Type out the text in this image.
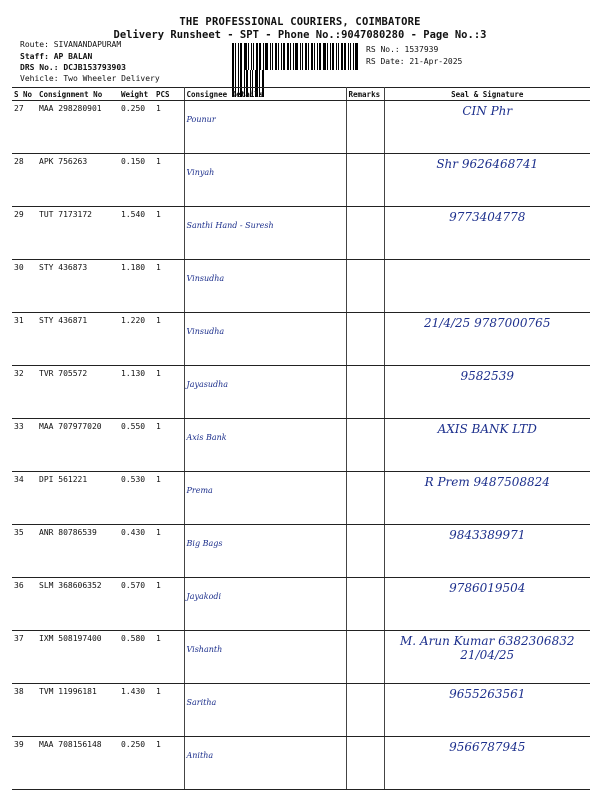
THE PROFESSIONAL COURIERS, COIMBATORE
Delivery Runsheet - SPT - Phone No.:9047080280 - Page No.:3
Route: SIVANANDAPURAM
Staff: AP BALAN
DRS No.: DCJB153793903
Vehicle: Two Wheeler Delivery
RS No.: 1537939
RS Date: 21-Apr-2025
S No	Consignment No	Weight	PCS	Consignee Details	Remarks	Seal & Signature
27	MAA 298280901	0.250	1	Pounur		CIN Phr
28	APK 756263	0.150	1	Vinyah		Shr 9626468741
29	TUT 7173172	1.540	1	Santhi Hand - Suresh		9773404778
30	STY 436873	1.180	1	Vinsudha		
31	STY 436871	1.220	1	Vinsudha		21/4/25 9787000765
32	TVR 705572	1.130	1	Jayasudha		9582539
33	MAA 707977020	0.550	1	Axis Bank		AXIS BANK LTD
34	DPI 561221	0.530	1	Prema		R Prem 9487508824
35	ANR 80786539	0.430	1	Big Bags		9843389971
36	SLM 368606352	0.570	1	Jayakodi		9786019504
37	IXM 508197400	0.580	1	Vishanth		M. Arun Kumar 6382306832 21/04/25
38	TVM 11996181	1.430	1	Saritha		9655263561
39	MAA 708156148	0.250	1	Anitha		9566787945
